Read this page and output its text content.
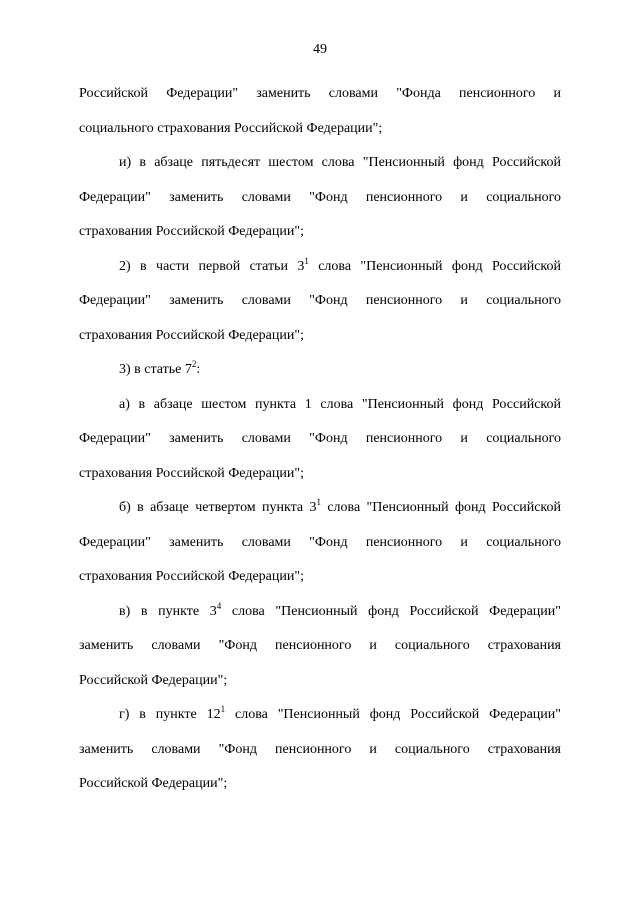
49
Российской Федерации" заменить словами "Фонда пенсионного и
социального страхования Российской Федерации";
и) в абзаце пятьдесят шестом слова "Пенсионный фонд Российской
Федерации" заменить словами "Фонд пенсионного и социального
страхования Российской Федерации";
2) в части первой статьи $3^1$ слова "Пенсионный фонд Российской
Федерации" заменить словами "Фонд пенсионного и социального
страхования Российской Федерации";
3) в статье $7^2$:
а) в абзаце шестом пункта 1 слова "Пенсионный фонд Российской
Федерации" заменить словами "Фонд пенсионного и социального
страхования Российской Федерации";
б) в абзаце четвертом пункта $3^1$ слова "Пенсионный фонд Российской
Федерации" заменить словами "Фонд пенсионного и социального
страхования Российской Федерации";
в) в пункте $3^4$ слова "Пенсионный фонд Российской Федерации"
заменить словами "Фонд пенсионного и социального страхования
Российской Федерации";
г) в пункте $12^1$ слова "Пенсионный фонд Российской Федерации"
заменить словами "Фонд пенсионного и социального страхования
Российской Федерации";
